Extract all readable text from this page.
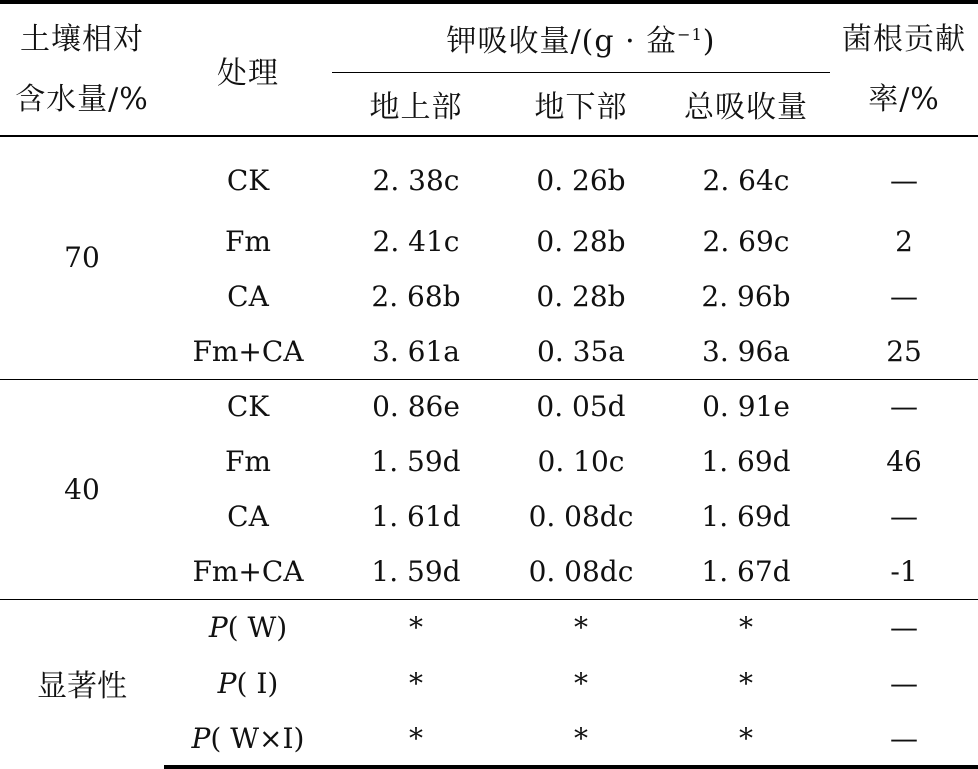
土壤相对含水量/%	处理	钾吸收量/(g · 盆$^{-1}$)			菌根贡献率/%
		地上部	地下部	总吸收量	
70	CK	2. 38c	0. 26b	2. 64c	—
	Fm	2. 41c	0. 28b	2. 69c	2
	CA	2. 68b	0. 28b	2. 96b	—
	Fm+CA	3. 61a	0. 35a	3. 96a	25
40	CK	0. 86e	0. 05d	0. 91e	—
	Fm	1. 59d	0. 10c	1. 69d	46
	CA	1. 61d	0. 08dc	1. 69d	—
	Fm+CA	1. 59d	0. 08dc	1. 67d	-1
显著性	P( W)	*	*	*	—
	P( I)	*	*	*	—
	P( W×I)	*	*	*	—
